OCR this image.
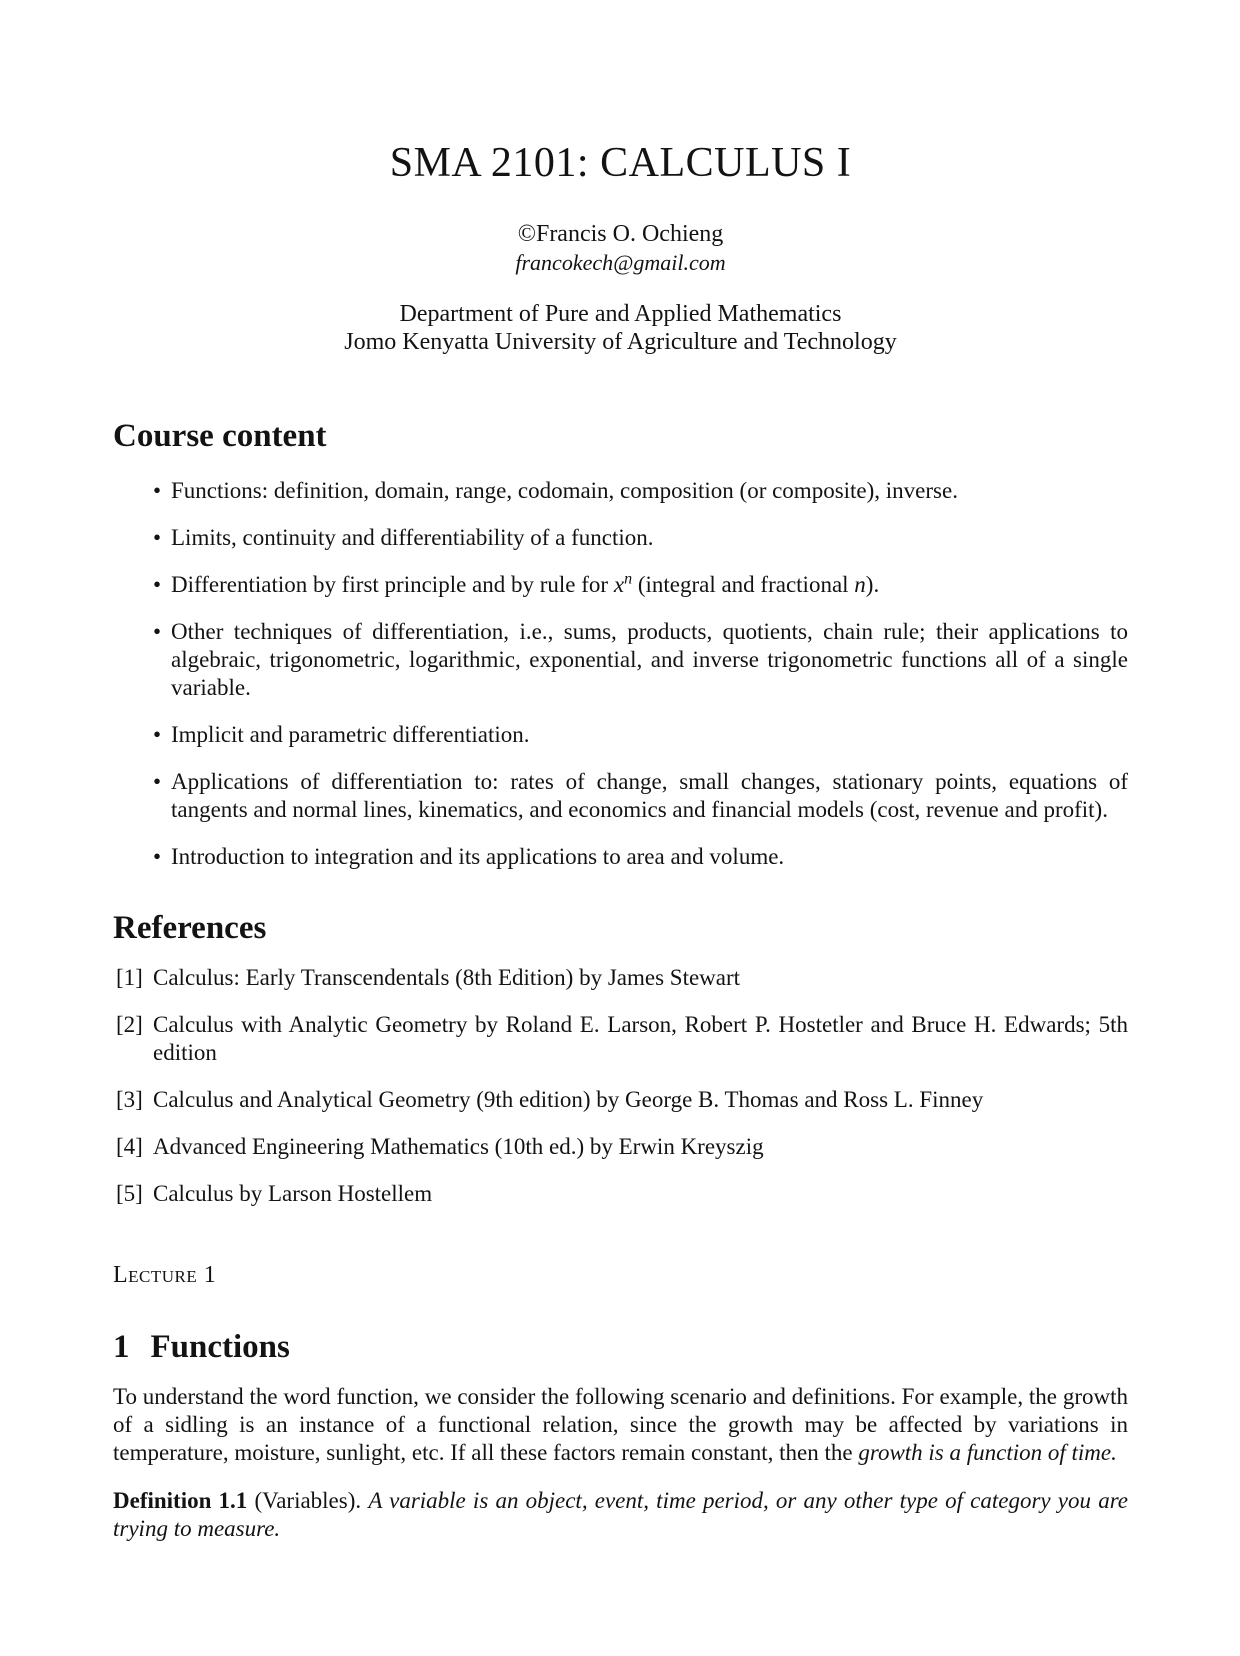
SMA 2101: CALCULUS I
©Francis O. Ochieng
francokech@gmail.com
Department of Pure and Applied Mathematics
Jomo Kenyatta University of Agriculture and Technology
Course content
• Functions: definition, domain, range, codomain, composition (or composite), inverse.
• Limits, continuity and differentiability of a function.
• Differentiation by first principle and by rule for $x^n$ (integral and fractional n).
• Other techniques of differentiation, i.e., sums, products, quotients, chain rule; their applications to algebraic, trigonometric, logarithmic, exponential, and inverse trigonometric functions all of a single variable.
• Implicit and parametric differentiation.
• Applications of differentiation to: rates of change, small changes, stationary points, equations of tangents and normal lines, kinematics, and economics and financial models (cost, revenue and profit).
• Introduction to integration and its applications to area and volume.
References
[1] Calculus: Early Transcendentals (8th Edition) by James Stewart
[2] Calculus with Analytic Geometry by Roland E. Larson, Robert P. Hostetler and Bruce H. Edwards; 5th edition
[3] Calculus and Analytical Geometry (9th edition) by George B. Thomas and Ross L. Finney
[4] Advanced Engineering Mathematics (10th ed.) by Erwin Kreyszig
[5] Calculus by Larson Hostellem
Lecture 1
1 Functions

To understand the word function, we consider the following scenario and definitions. For example, the growth of a sidling is an instance of a functional relation, since the growth may be affected by variations in temperature, moisture, sunlight, etc. If all these factors remain constant, then the growth is a function of time.

Definition 1.1 (Variables). A variable is an object, event, time period, or any other type of category you are trying to measure.
